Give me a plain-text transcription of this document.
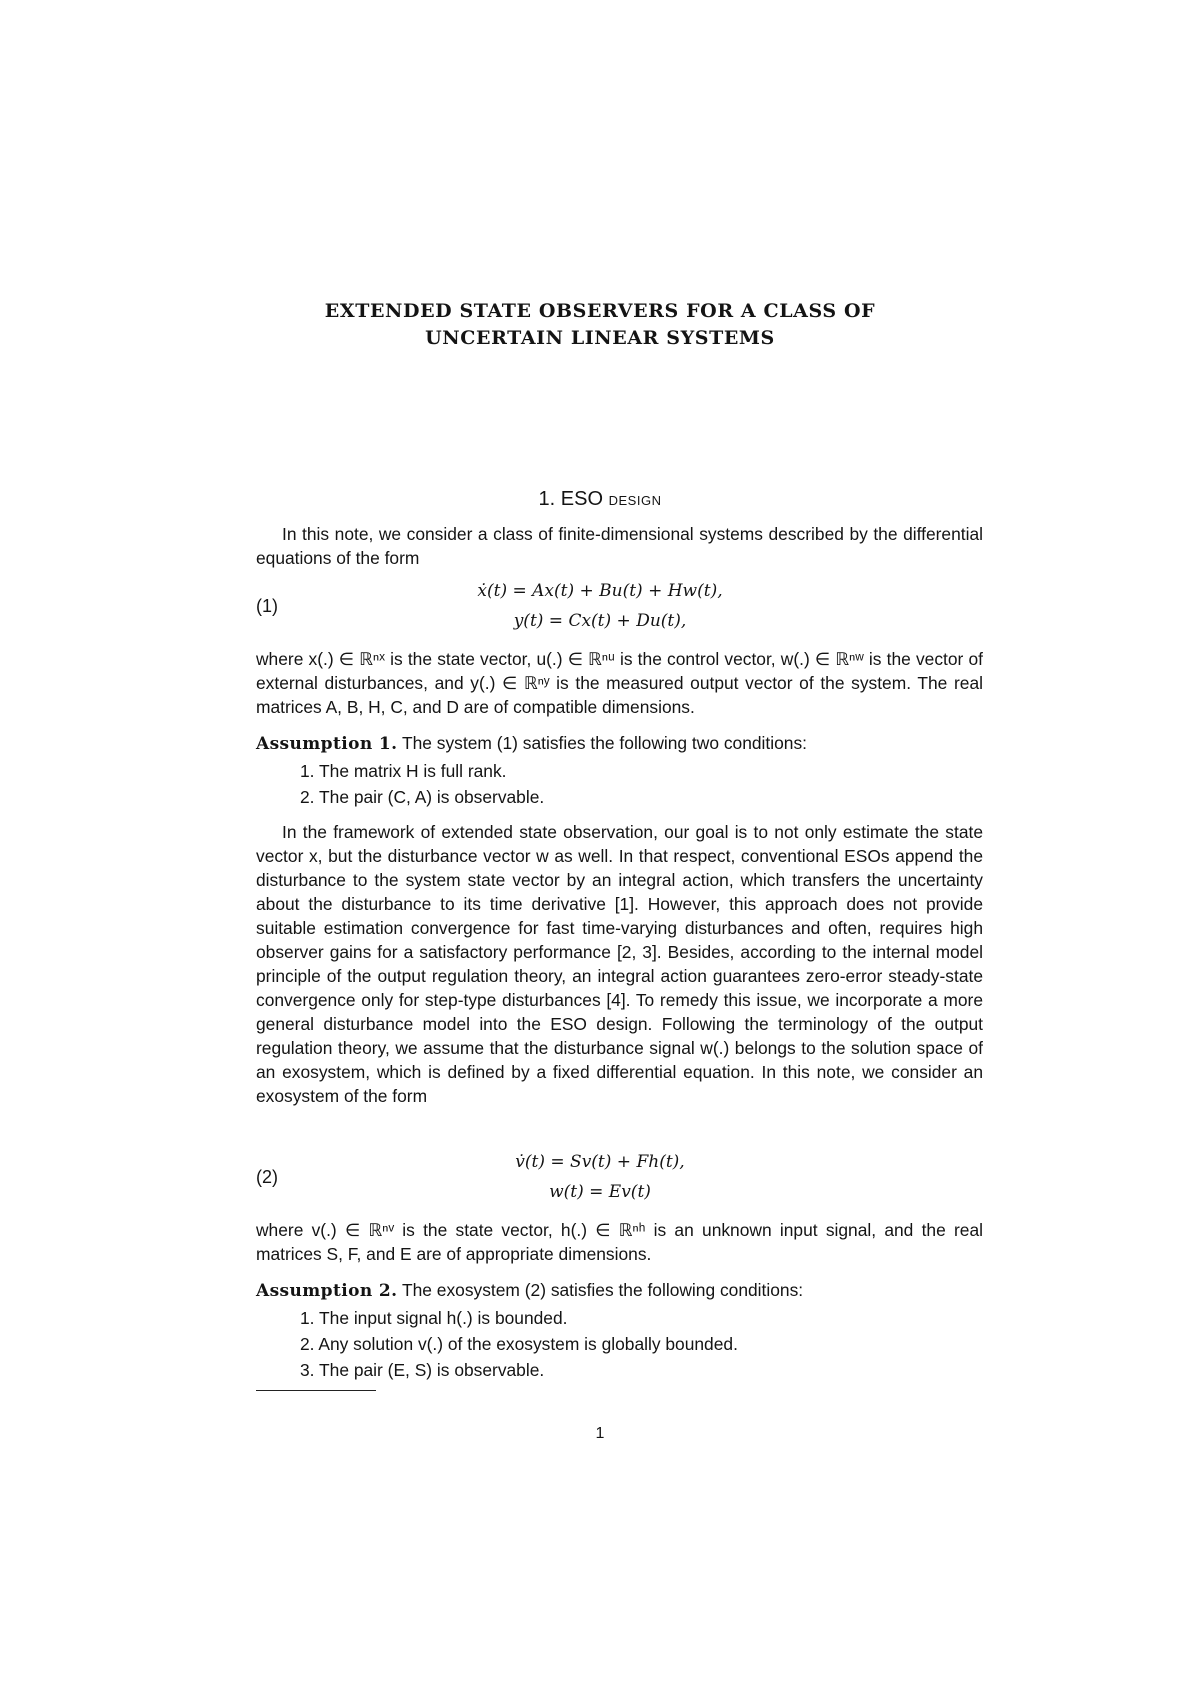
EXTENDED STATE OBSERVERS FOR A CLASS OF
UNCERTAIN LINEAR SYSTEMS
1. ESO design

In this note, we consider a class of finite-dimensional systems described by the differential equations of the form

(1)
ẋ(t) = Ax(t) + Bu(t) + Hw(t),
y(t) = Cx(t) + Du(t),

where x(.) ∈ ℝⁿˣ is the state vector, u(.) ∈ ℝⁿᵘ is the control vector, w(.) ∈ ℝⁿʷ is the vector of external disturbances, and y(.) ∈ ℝⁿʸ is the measured output vector of the system. The real matrices A, B, H, C, and D are of compatible dimensions.

Assumption 1. The system (1) satisfies the following two conditions:
1. The matrix H is full rank.
2. The pair (C, A) is observable.

In the framework of extended state observation, our goal is to not only estimate the state vector x, but the disturbance vector w as well. In that respect, conventional ESOs append the disturbance to the system state vector by an integral action, which transfers the uncertainty about the disturbance to its time derivative [1]. However, this approach does not provide suitable estimation convergence for fast time-varying disturbances and often, requires high observer gains for a satisfactory performance [2, 3]. Besides, according to the internal model principle of the output regulation theory, an integral action guarantees zero-error steady-state convergence only for step-type disturbances [4]. To remedy this issue, we incorporate a more general disturbance model into the ESO design. Following the terminology of the output regulation theory, we assume that the disturbance signal w(.) belongs to the solution space of an exosystem, which is defined by a fixed differential equation. In this note, we consider an exosystem of the form

(2)
v̇(t) = Sv(t) + Fh(t),
w(t) = Ev(t)

where v(.) ∈ ℝⁿᵛ is the state vector, h(.) ∈ ℝⁿʰ is an unknown input signal, and the real matrices S, F, and E are of appropriate dimensions.

Assumption 2. The exosystem (2) satisfies the following conditions:
1. The input signal h(.) is bounded.
2. Any solution v(.) of the exosystem is globally bounded.
3. The pair (E, S) is observable.
1
